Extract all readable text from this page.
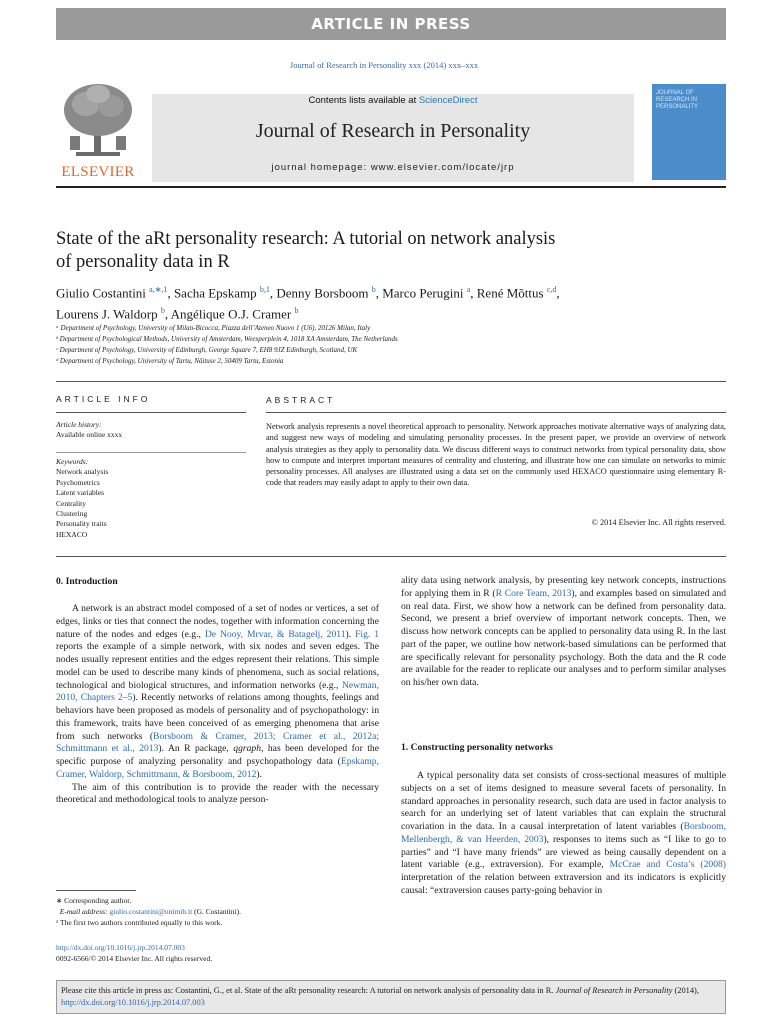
ARTICLE IN PRESS
Journal of Research in Personality xxx (2014) xxx–xxx
ELSEVIER
Contents lists available at ScienceDirect
Journal of Research in Personality
journal homepage: www.elsevier.com/locate/jrp
JOURNAL OF RESEARCH IN PERSONALITY
State of the aRt personality research: A tutorial on network analysis
of personality data in R
Giulio Costantini $^{a,∗,1}$, Sacha Epskamp $^{b,1}$, Denny Borsboom $^b$, Marco Perugini $^a$, René Mõttus $^{c,d}$,
Lourens J. Waldorp $^b$, Angélique O.J. Cramer $^b$
ᵃ Department of Psychology, University of Milan-Bicocca, Piazza dell’Ateneo Nuovo 1 (U6), 20126 Milan, Italy
ᵇ Department of Psychological Methods, University of Amsterdam, Weesperplein 4, 1018 XA Amsterdam, The Netherlands
ᶜ Department of Psychology, University of Edinburgh, George Square 7, EH8 9JZ Edinburgh, Scotland, UK
ᵈ Department of Psychology, University of Tartu, Näituse 2, 50409 Tartu, Estonia
ARTICLE INFO	ABSTRACT
Article history:
Available online xxxx
Keywords:
Network analysis
Psychometrics
Latent variables
Centrality
Clustering
Personality traits
HEXACO
Network analysis represents a novel theoretical approach to personality. Network approaches motivate alternative ways of analyzing data, and suggest new ways of modeling and simulating personality processes. In the present paper, we provide an overview of network analysis strategies as they apply to personality data. We discuss different ways to construct networks from typical personality data, show how to compute and interpret important measures of centrality and clustering, and illustrate how one can simulate on networks to mimic personality processes. All analyses are illustrated using a data set on the commonly used HEXACO questionnaire using elementary R-code that readers may easily adapt to apply to their own data.
© 2014 Elsevier Inc. All rights reserved.
0. Introduction

A network is an abstract model composed of a set of nodes or vertices, a set of edges, links or ties that connect the nodes, together with information concerning the nature of the nodes and edges (e.g., De Nooy, Mrvar, & Batagelj, 2011). Fig. 1 reports the example of a simple network, with six nodes and seven edges. The nodes usually represent entities and the edges represent their relations. This simple model can be used to describe many kinds of phenomena, such as social relations, technological and biological structures, and information networks (e.g., Newman, 2010, Chapters 2–5). Recently networks of relations among thoughts, feelings and behaviors have been proposed as models of personality and of psychopathology: in this framework, traits have been conceived of as emerging phenomena that arise from such networks (Borsboom & Cramer, 2013; Cramer et al., 2012a; Schmittmann et al., 2013). An R package, qgraph, has been developed for the specific purpose of analyzing personality and psychopathology data (Epskamp, Cramer, Waldorp, Schmittmann, & Borsboom, 2012).

The aim of this contribution is to provide the reader with the necessary theoretical and methodological tools to analyze person-

∗ Corresponding author.
E-mail address: giulio.costantini@unimib.it (G. Costantini).
¹ The first two authors contributed equally to this work.
http://dx.doi.org/10.1016/j.jrp.2014.07.003
0092-6566/© 2014 Elsevier Inc. All rights reserved.

ality data using network analysis, by presenting key network concepts, instructions for applying them in R (R Core Team, 2013), and examples based on simulated and on real data. First, we show how a network can be defined from personality data. Second, we present a brief overview of important network concepts. Then, we discuss how network concepts can be applied to personality data using R. In the last part of the paper, we outline how network-based simulations can be performed that are specifically relevant for personality psychology. Both the data and the R code are available for the reader to replicate our analyses and to perform similar analyses on his/her own data.

1. Constructing personality networks

A typical personality data set consists of cross-sectional measures of multiple subjects on a set of items designed to measure several facets of personality. In standard approaches in personality research, such data are used in factor analysis to search for an underlying set of latent variables that can explain the structural covariation in the data. In a causal interpretation of latent variables (Borsboom, Mellenbergh, & van Heerden, 2003), responses to items such as “I like to go to parties” and “I have many friends” are viewed as being causally dependent on a latent variable (e.g., extraversion). For example, McCrae and Costa’s (2008) interpretation of the relation between extraversion and its indicators is explicitly causal: “extraversion causes party-going behavior in

Please cite this article in press as: Costantini, G., et al. State of the aRt personality research: A tutorial on network analysis of personality data in R. Journal of Research in Personality (2014), http://dx.doi.org/10.1016/j.jrp.2014.07.003
